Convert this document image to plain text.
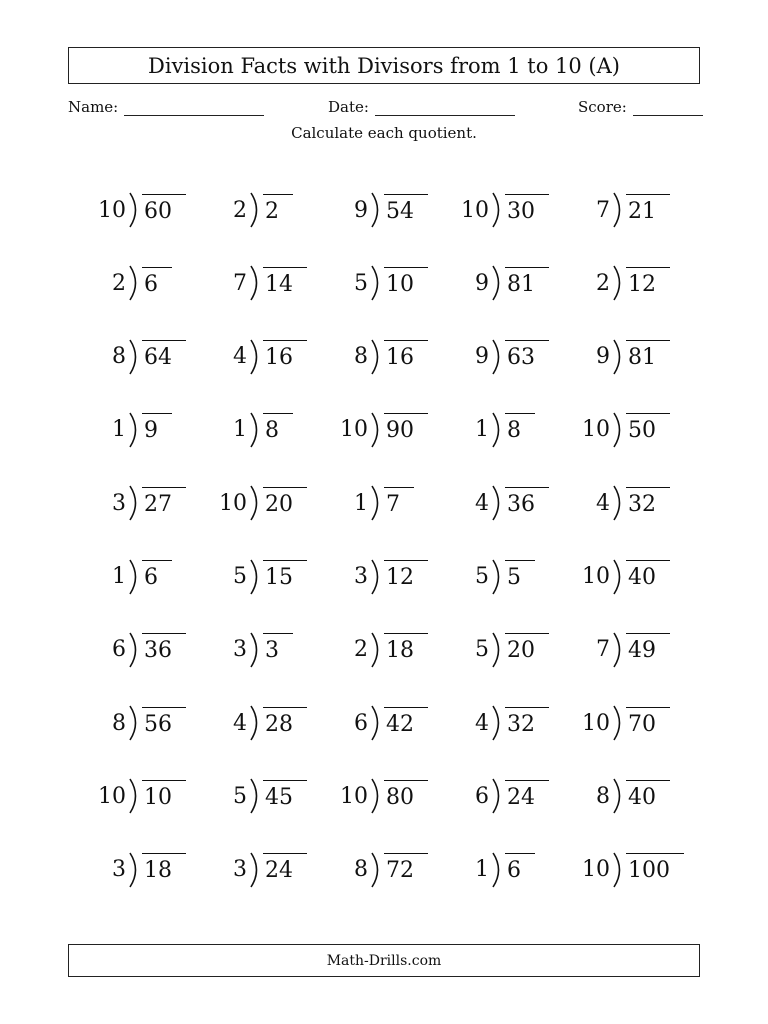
Division Facts with Divisors from 1 to 10 (A)
Name:	Date:	Score:
Calculate each quotient.
10 60	2 2	9 54	10 30	7 21
2 6	7 14	5 10	9 81	2 12
8 64	4 16	8 16	9 63	9 81
1 9	1 8	10 90	1 8	10 50
3 27	10 20	1 7	4 36	4 32
1 6	5 15	3 12	5 5	10 40
6 36	3 3	2 18	5 20	7 49
8 56	4 28	6 42	4 32	10 70
10 10	5 45	10 80	6 24	8 40
3 18	3 24	8 72	1 6	10 100
Math-Drills.com
